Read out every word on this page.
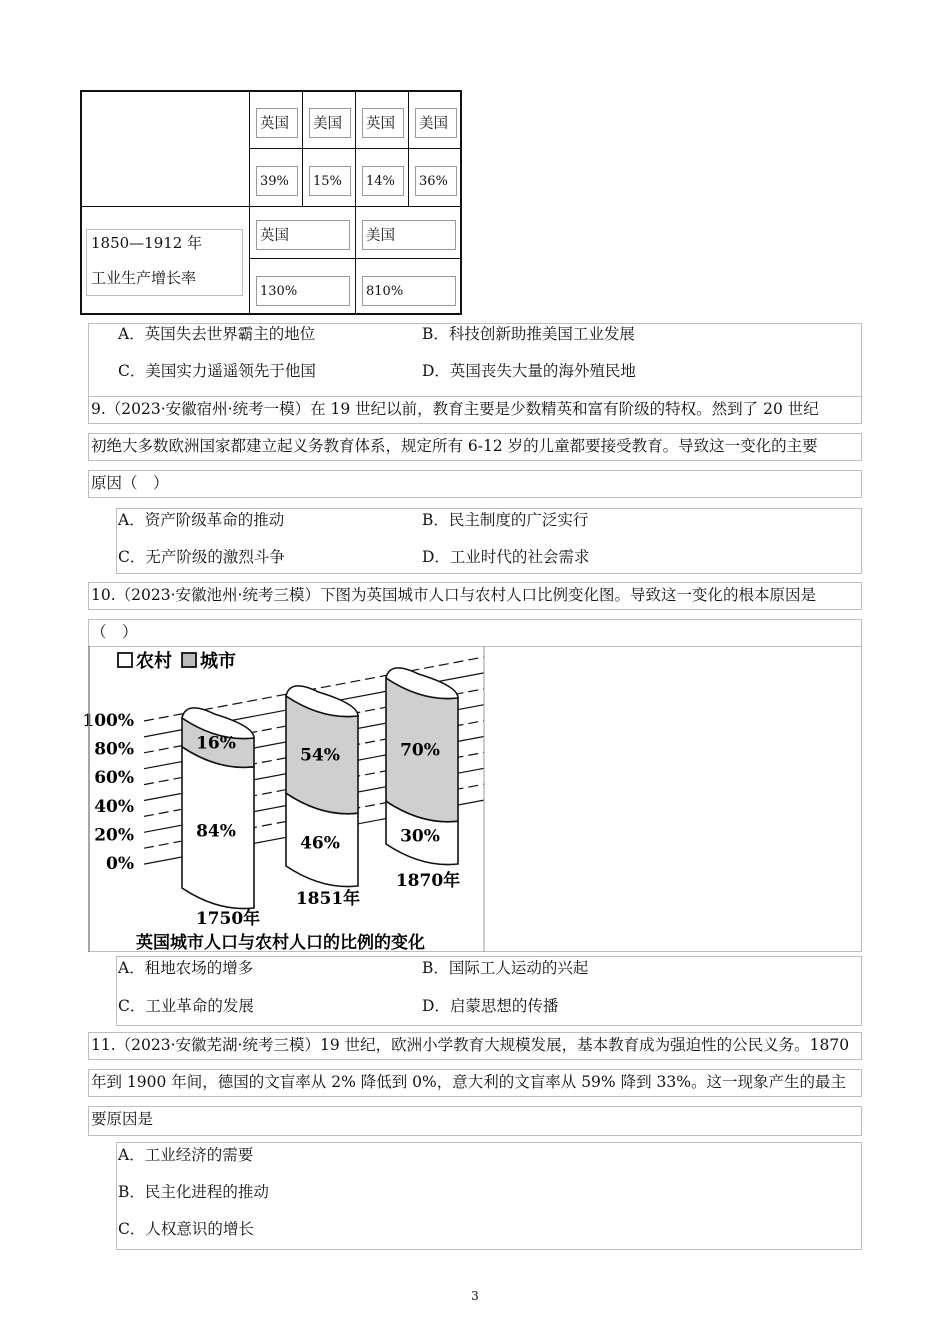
英国	美国	英国	美国
39%	15%	14%	36%
1850—1912 年
工业生产增长率
英国	美国
130%	810%
A．英国失去世界霸主的地位	B．科技创新助推美国工业发展
C．美国实力遥遥领先于他国	D．英国丧失大量的海外殖民地
9.（2023·安徽宿州·统考一模）在 19 世纪以前，教育主要是少数精英和富有阶级的特权。然到了 20 世纪
初绝大多数欧洲国家都建立起义务教育体系，规定所有 6-12 岁的儿童都要接受教育。导致这一变化的主要
原因（　）
A．资产阶级革命的推动	B．民主制度的广泛实行
C．无产阶级的激烈斗争	D．工业时代的社会需求
10.（2023·安徽池州·统考三模）下图为英国城市人口与农村人口比例变化图。导致这一变化的根本原因是
（　）
100%
80%
60%
40%
20%
0%
16%
84%
1750年
54%
46%
1851年
70%
30%
1870年
农村 城市
英国城市人口与农村人口的比例的变化
A．租地农场的增多	B．国际工人运动的兴起
C．工业革命的发展	D．启蒙思想的传播
11.（2023·安徽芜湖·统考三模）19 世纪，欧洲小学教育大规模发展，基本教育成为强迫性的公民义务。1870
年到 1900 年间，德国的文盲率从 2% 降低到 0%，意大利的文盲率从 59% 降到 33%。这一现象产生的最主
要原因是
A．工业经济的需要
B．民主化进程的推动
C．人权意识的增长
3
